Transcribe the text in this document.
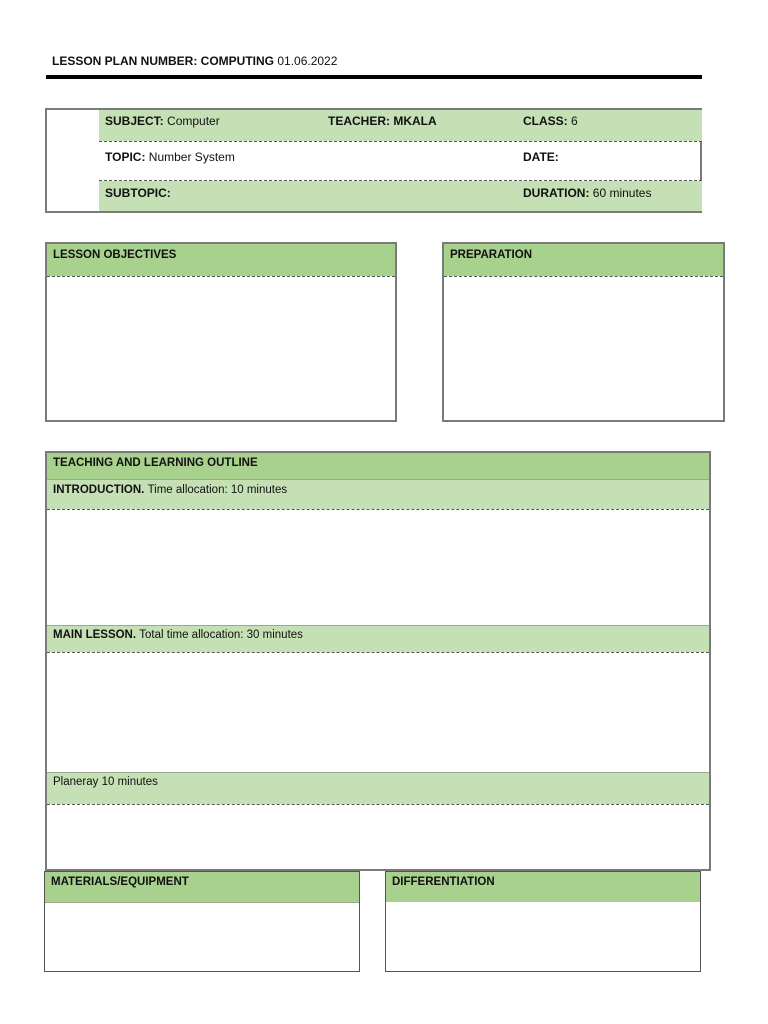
LESSON PLAN NUMBER: COMPUTING 01.06.2022
SUBJECT: Computer	TEACHER: MKALA	CLASS: 6
TOPIC: Number System	DATE:
SUBTOPIC:	DURATION: 60 minutes
LESSON OBJECTIVES	PREPARATION
TEACHING AND LEARNING OUTLINE
INTRODUCTION. Time allocation: 10 minutes
MAIN LESSON. Total time allocation: 30 minutes
Planeray 10 minutes
MATERIALS/EQUIPMENT	DIFFERENTIATION
